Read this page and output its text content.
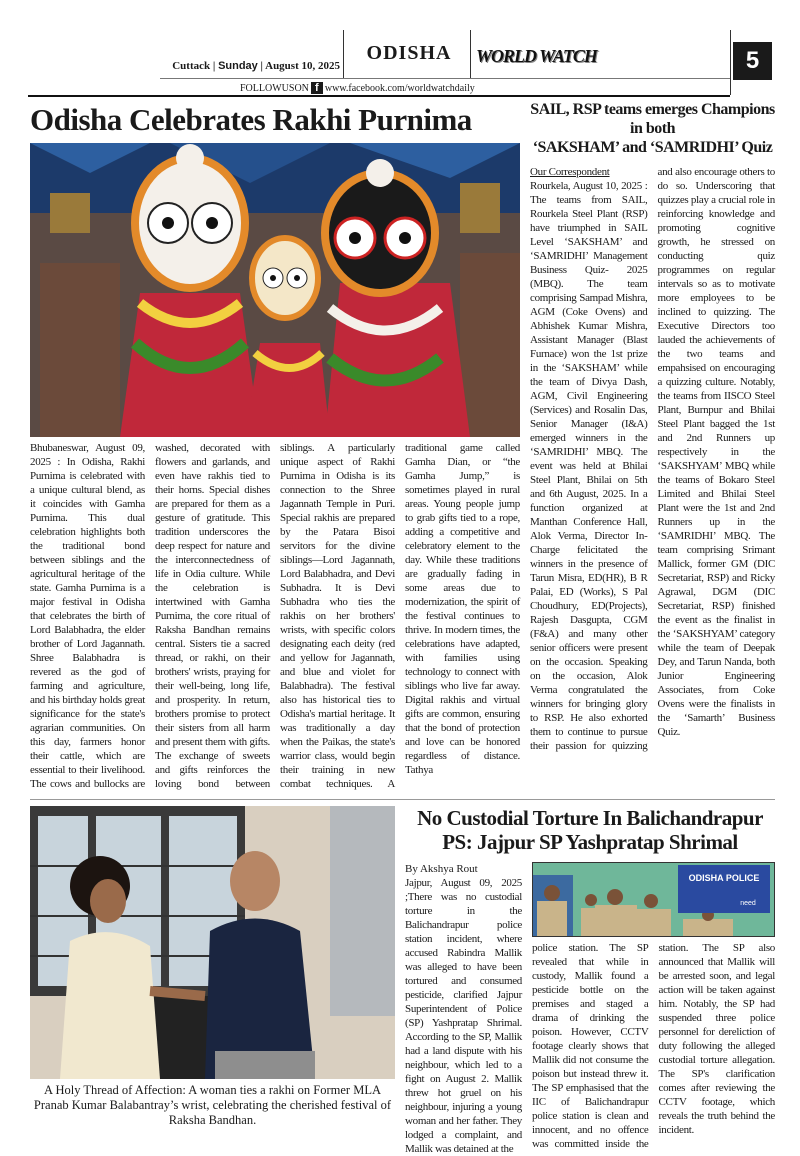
Cuttack | Sunday | August 10, 2025
ODISHA	WORLD WATCH	5
FOLLOWUSON f www.facebook.com/worldwatchdaily
Odisha Celebrates Rakhi Purnima
Bhubaneswar, August 09, 2025 : In Odisha, Rakhi Purnima is celebrated with a unique cultural blend, as it coincides with Gamha Purnima. This dual celebration highlights both the traditional bond between siblings and the agricultural heritage of the state. Gamha Purnima is a major festival in Odisha that celebrates the birth of Lord Balabhadra, the elder brother of Lord Jagannath. Shree Balabhadra is revered as the god of farming and agriculture, and his birthday holds great significance for the state's agrarian communities. On this day, farmers honor their cattle, which are essential to their livelihood. The cows and bullocks are washed, decorated with flowers and garlands, and even have rakhis tied to their horns. Special dishes are prepared for them as a gesture of gratitude. This tradition underscores the deep respect for nature and the interconnectedness of life in Odia culture. While the celebration is intertwined with Gamha Purnima, the core ritual of Raksha Bandhan remains central. Sisters tie a sacred thread, or rakhi, on their brothers' wrists, praying for their well-being, long life, and prosperity. In return, brothers promise to protect their sisters from all harm and present them with gifts. The exchange of sweets and gifts reinforces the loving bond between siblings. A particularly unique aspect of Rakhi Purnima in Odisha is its connection to the Shree Jagannath Temple in Puri. Special rakhis are prepared by the Patara Bisoi servitors for the divine siblings—Lord Jagannath, Lord Balabhadra, and Devi Subhadra. It is Devi Subhadra who ties the rakhis on her brothers' wrists, with specific colors designating each deity (red and yellow for Jagannath, and blue and violet for Balabhadra). The festival also has historical ties to Odisha's martial heritage. It was traditionally a day when the Paikas, the state's warrior class, would begin their training in new combat techniques. A traditional game called Gamha Dian, or “the Gamha Jump,” is sometimes played in rural areas. Young people jump to grab gifts tied to a rope, adding a competitive and celebratory element to the day. While these traditions are gradually fading in some areas due to modernization, the spirit of the festival continues to thrive. In modern times, the celebrations have adapted, with families using technology to connect with siblings who live far away. Digital rakhis and virtual gifts are common, ensuring that the bond of protection and love can be honored regardless of distance. Tathya
SAIL, RSP teams emerges Champions in both
‘SAKSHAM’ and ‘SAMRIDHI’ Quiz
Our Correspondent
Rourkela, August 10, 2025 : The teams from SAIL, Rourkela Steel Plant (RSP) have triumphed in SAIL Level ‘SAKSHAM’ and ‘SAMRIDHI’ Management Business Quiz- 2025 (MBQ). The team comprising Sampad Mishra, AGM (Coke Ovens) and Abhishek Kumar Mishra, Assistant Manager (Blast Furnace) won the 1st prize in the ‘SAKSHAM’ while the team of Divya Dash, AGM, Civil Engineering (Services) and Rosalin Das, Senior Manager (I&A) emerged winners in the ‘SAMRIDHI’ MBQ. The event was held at Bhilai Steel Plant, Bhilai on 5th and 6th August, 2025. In a function organized at Manthan Conference Hall, Alok Verma, Director In-Charge felicitated the winners in the presence of Tarun Misra, ED(HR), B R Palai, ED (Works), S Pal Choudhury, ED(Projects), Rajesh Dasgupta, CGM (F&A) and many other senior officers were present on the occasion. Speaking on the occasion, Alok Verma congratulated the winners for bringing glory to RSP. He also exhorted them to continue to pursue their passion for quizzing and also encourage others to do so. Underscoring that quizzes play a crucial role in reinforcing knowledge and promoting cognitive growth, he stressed on conducting quiz programmes on regular intervals so as to motivate more employees to be inclined to quizzing. The Executive Directors too lauded the achievements of the two teams and empahsised on encouraging a quizzing culture. Notably, the teams from IISCO Steel Plant, Burnpur and Bhilai Steel Plant bagged the 1st and 2nd Runners up respectively in the ‘SAKSHYAM’ MBQ while the teams of Bokaro Steel Limited and Bhilai Steel Plant were the 1st and 2nd Runners up in the ‘SAMRIDHI’ MBQ. The team comprising Srimant Mallick, former GM (DIC Secretariat, RSP) and Ricky Agrawal, DGM (DIC Secretariat, RSP) finished the event as the finalist in the ‘SAKSHYAM’ category while the team of Deepak Dey, and Tarun Nanda, both Junior Engineering Associates, from Coke Ovens were the finalists in the ‘Samarth’ Business Quiz.
A Holy Thread of Affection: A woman ties a rakhi on Former MLA Pranab Kumar Balabantray’s wrist, celebrating the cherished festival of Raksha Bandhan.
No Custodial Torture In Balichandrapur
PS: Jajpur SP Yashpratap Shrimal
By Akshya Rout
Jajpur, August 09, 2025 ;There was no custodial torture in the Balichandrapur police station incident, where accused Rabindra Mallik was alleged to have been tortured and consumed pesticide, clarified Jajpur Superintendent of Police (SP) Yashpratap Shrimal. According to the SP, Mallik had a land dispute with his neighbour, which led to a fight on August 2. Mallik threw hot gruel on his neighbour, injuring a young woman and her father. They lodged a complaint, and Mallik was detained at the
ODISHA POLICE
need
police station. The SP revealed that while in custody, Mallik found a pesticide bottle on the premises and staged a drama of drinking the poison. However, CCTV footage clearly shows that Mallik did not consume the poison but instead threw it. The SP emphasised that the IIC of Balichandrapur police station is clean and innocent, and no offence was committed inside the station. The SP also announced that Mallik will be arrested soon, and legal action will be taken against him. Notably, the SP had suspended three police personnel for dereliction of duty following the alleged custodial torture allegation. The SP's clarification comes after reviewing the CCTV footage, which reveals the truth behind the incident.
